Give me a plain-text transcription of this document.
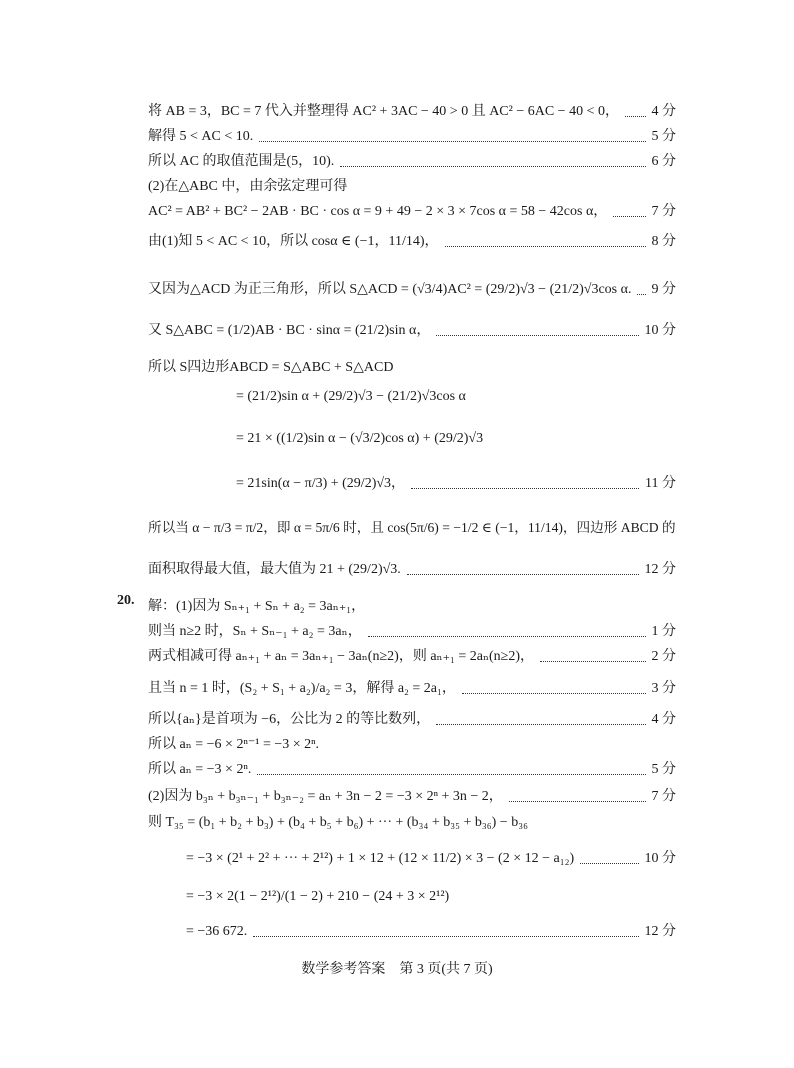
将 AB = 3，BC = 7 代入并整理得 AC² + 3AC − 40 > 0 且 AC² − 6AC − 40 < 0， 4 分
解得 5 < AC < 10.	5 分
所以 AC 的取值范围是(5，10).	6 分
(2)在△ABC 中，由余弦定理可得
AC² = AB² + BC² − 2AB · BC · cos α = 9 + 49 − 2 × 3 × 7cos α = 58 − 42cos α，	7 分
由(1)知 5 < AC < 10，所以 cosα ∈ (−1，11/14)，	8 分
又因为△ACD 为正三角形，所以 S△ACD = (√3/4)AC² = (29/2)√3 − (21/2)√3cos α. 9 分
又 S△ABC = (1/2)AB · BC · sinα = (21/2)sin α，	10 分
所以 S四边形ABCD = S△ABC + S△ACD
= (21/2)sin α + (29/2)√3 − (21/2)√3cos α
= 21 × ((1/2)sin α − (√3/2)cos α) + (29/2)√3
= 21sin(α − π/3) + (29/2)√3，	11 分
所以当 α − π/3 = π/2，即 α = 5π/6 时，且 cos(5π/6) = −1/2 ∈ (−1，11/14)，四边形 ABCD 的
面积取得最大值，最大值为 21 + (29/2)√3.	12 分
解：(1)因为 Sₙ₊₁ + Sₙ + a₂ = 3aₙ₊₁，
则当 n≥2 时，Sₙ + Sₙ₋₁ + a₂ = 3aₙ，	1 分
两式相减可得 aₙ₊₁ + aₙ = 3aₙ₊₁ − 3aₙ(n≥2)，则 aₙ₊₁ = 2aₙ(n≥2)，	2 分
且当 n = 1 时，(S₂ + S₁ + a₂)/a₂ = 3，解得 a₂ = 2a₁，	3 分
所以{aₙ}是首项为 −6，公比为 2 的等比数列，	4 分
所以 aₙ = −6 × 2ⁿ⁻¹ = −3 × 2ⁿ.
所以 aₙ = −3 × 2ⁿ.	5 分
(2)因为 b₃ₙ + b₃ₙ₋₁ + b₃ₙ₋₂ = aₙ + 3n − 2 = −3 × 2ⁿ + 3n − 2，	7 分
则 T₃₅ = (b₁ + b₂ + b₃) + (b₄ + b₅ + b₆) + ··· + (b₃₄ + b₃₅ + b₃₆) − b₃₆
= −3 × (2¹ + 2² + ··· + 2¹²) + 1 × 12 + (12 × 11/2) × 3 − (2 × 12 − a₁₂)	10 分
= −3 × 2(1 − 2¹²)/(1 − 2) + 210 − (24 + 3 × 2¹²)
= −36 672.	12 分
20.
数学参考答案　第 3 页(共 7 页)
